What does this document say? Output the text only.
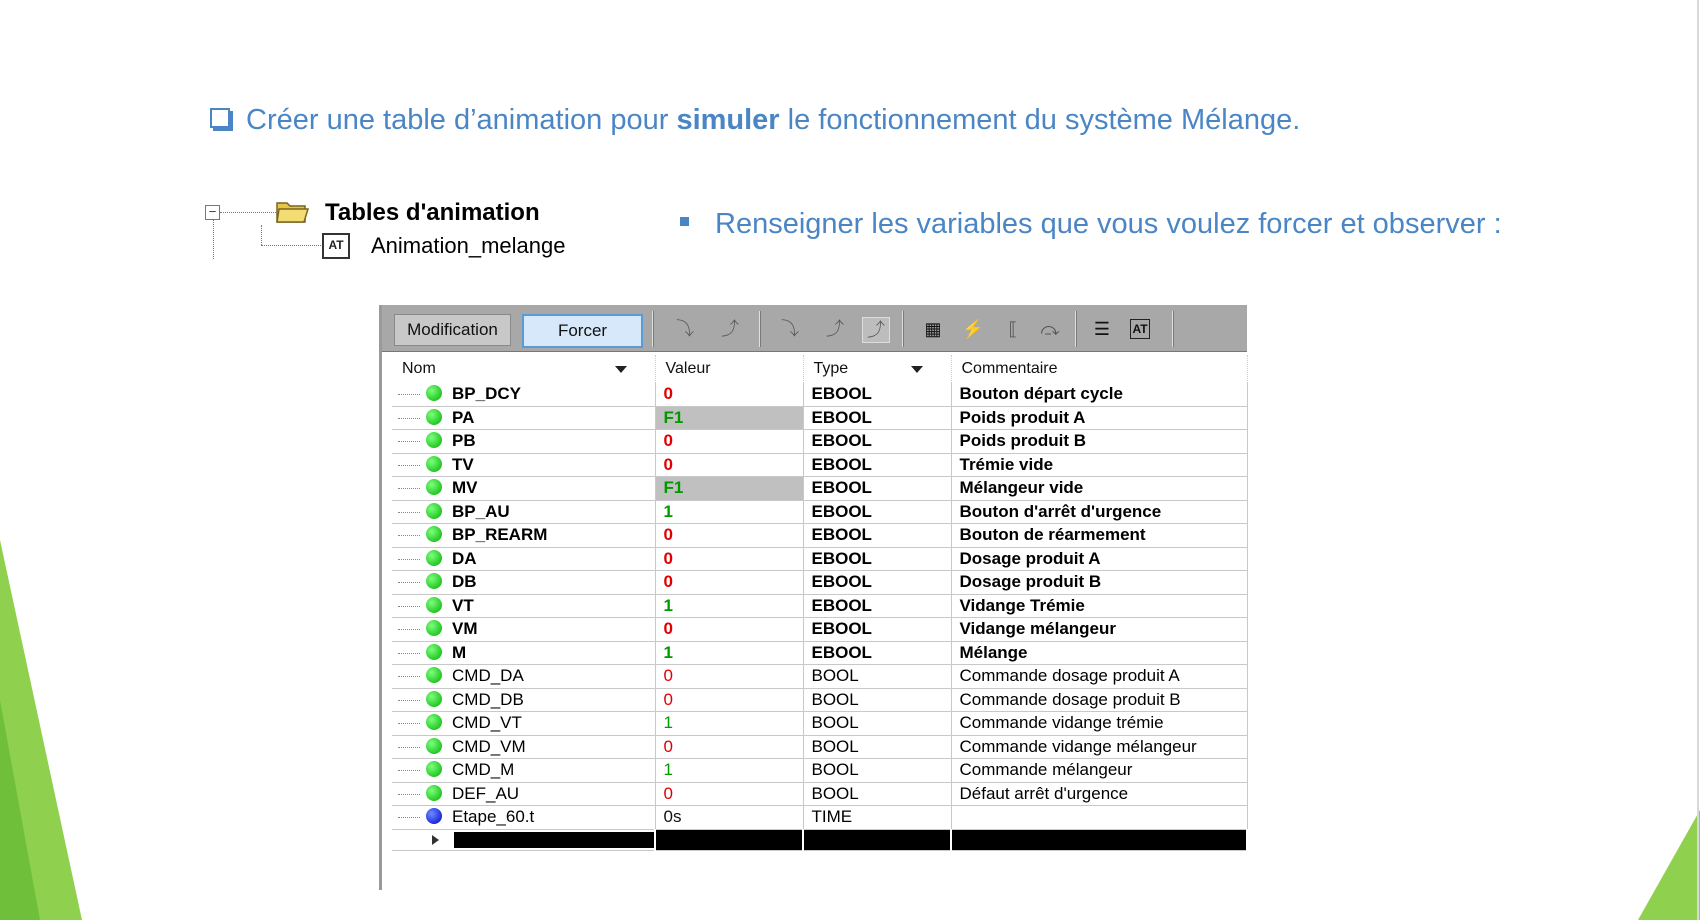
Créer une table d’animation pour simuler le fonctionnement du système Mélange.
Renseigner les variables que vous voulez forcer et observer :
−	Tables d'animation
AT Animation_melange
Modification	Forcer	⤵ ⤴ ⤵ ⤴ ⤴ ▦ ⚡	⟦	⤼ ☰	AT
Nom	Valeur	Type	Commentaire

BP_DCY	0	EBOOL	Bouton départ cycle

PA	F1	EBOOL	Poids produit A

PB	0	EBOOL	Poids produit B

TV	0	EBOOL	Trémie vide

MV	F1	EBOOL	Mélangeur vide

BP_AU	1	EBOOL	Bouton d'arrêt d'urgence

BP_REARM	0	EBOOL	Bouton de réarmement

DA	0	EBOOL	Dosage produit A

DB	0	EBOOL	Dosage produit B

VT	1	EBOOL	Vidange Trémie

VM	0	EBOOL	Vidange mélangeur

M	1	EBOOL	Mélange

CMD_DA	0	BOOL	Commande dosage produit A

CMD_DB	0	BOOL	Commande dosage produit B

CMD_VT	1	BOOL	Commande vidange trémie

CMD_VM	0	BOOL	Commande vidange mélangeur

CMD_M	1	BOOL	Commande mélangeur

DEF_AU	0	BOOL	Défaut arrêt d'urgence

Etape_60.t	0s	TIME	
